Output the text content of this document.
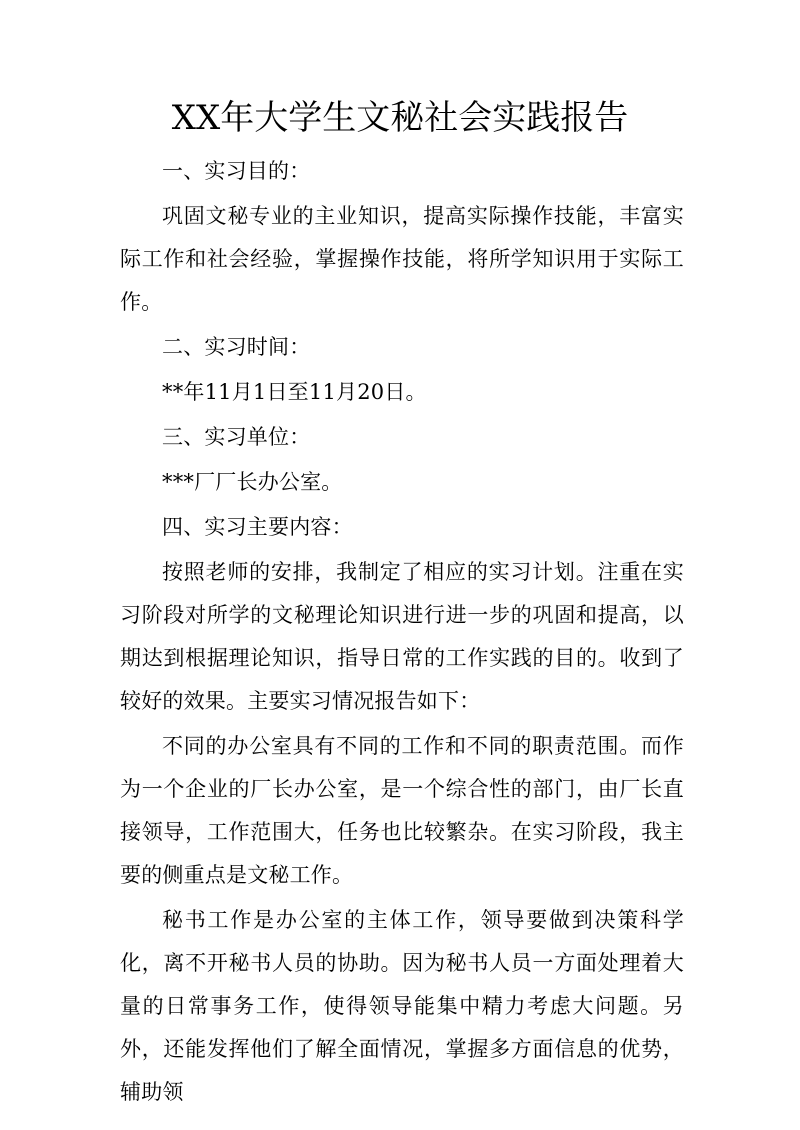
XX年大学生文秘社会实践报告

一、实习目的：

巩固文秘专业的主业知识，提高实际操作技能，丰富实际工作和社会经验，掌握操作技能，将所学知识用于实际工作。

二、实习时间：

**年11月1日至11月20日。

三、实习单位：

***厂厂长办公室。

四、实习主要内容：

按照老师的安排，我制定了相应的实习计划。注重在实习阶段对所学的文秘理论知识进行进一步的巩固和提高，以期达到根据理论知识，指导日常的工作实践的目的。收到了较好的效果。主要实习情况报告如下：

不同的办公室具有不同的工作和不同的职责范围。而作为一个企业的厂长办公室，是一个综合性的部门，由厂长直接领导，工作范围大，任务也比较繁杂。在实习阶段，我主要的侧重点是文秘工作。

秘书工作是办公室的主体工作，领导要做到决策科学化，离不开秘书人员的协助。因为秘书人员一方面处理着大量的日常事务工作，使得领导能集中精力考虑大问题。另外，还能发挥他们了解全面情况，掌握多方面信息的优势，辅助领
